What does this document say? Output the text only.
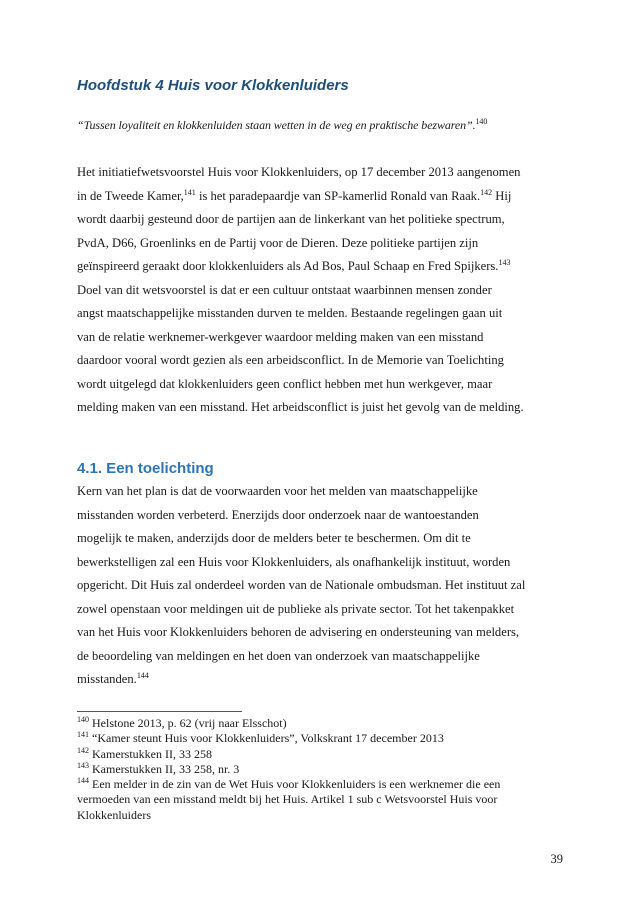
Hoofdstuk 4 Huis voor Klokkenluiders

“Tussen loyaliteit en klokkenluiden staan wetten in de weg en praktische bezwaren”.$^{140}$

Het initiatiefwetsvoorstel Huis voor Klokkenluiders, op 17 december 2013 aangenomen
in de Tweede Kamer,$^{141}$ is het paradepaardje van SP-kamerlid Ronald van Raak.$^{142}$ Hij
wordt daarbij gesteund door de partijen aan de linkerkant van het politieke spectrum,
PvdA, D66, Groenlinks en de Partij voor de Dieren. Deze politieke partijen zijn
geïnspireerd geraakt door klokkenluiders als Ad Bos, Paul Schaap en Fred Spijkers.$^{143}$
Doel van dit wetsvoorstel is dat er een cultuur ontstaat waarbinnen mensen zonder
angst maatschappelijke misstanden durven te melden. Bestaande regelingen gaan uit
van de relatie werknemer-werkgever waardoor melding maken van een misstand
daardoor vooral wordt gezien als een arbeidsconflict. In de Memorie van Toelichting
wordt uitgelegd dat klokkenluiders geen conflict hebben met hun werkgever, maar
melding maken van een misstand. Het arbeidsconflict is juist het gevolg van de melding.

4.1. Een toelichting

Kern van het plan is dat de voorwaarden voor het melden van maatschappelijke
misstanden worden verbeterd. Enerzijds door onderzoek naar de wantoestanden
mogelijk te maken, anderzijds door de melders beter te beschermen. Om dit te
bewerkstelligen zal een Huis voor Klokkenluiders, als onafhankelijk instituut, worden
opgericht. Dit Huis zal onderdeel worden van de Nationale ombudsman. Het instituut zal
zowel openstaan voor meldingen uit de publieke als private sector. Tot het takenpakket
van het Huis voor Klokkenluiders behoren de advisering en ondersteuning van melders,
de beoordeling van meldingen en het doen van onderzoek van maatschappelijke
misstanden.$^{144}$

$^{140}$ Helstone 2013, p. 62 (vrij naar Elsschot)
$^{141}$ “Kamer steunt Huis voor Klokkenluiders”, Volkskrant 17 december 2013
$^{142}$ Kamerstukken II, 33 258
$^{143}$ Kamerstukken II, 33 258, nr. 3
$^{144}$ Een melder in de zin van de Wet Huis voor Klokkenluiders is een werknemer die een
vermoeden van een misstand meldt bij het Huis. Artikel 1 sub c Wetsvoorstel Huis voor
Klokkenluiders
39
